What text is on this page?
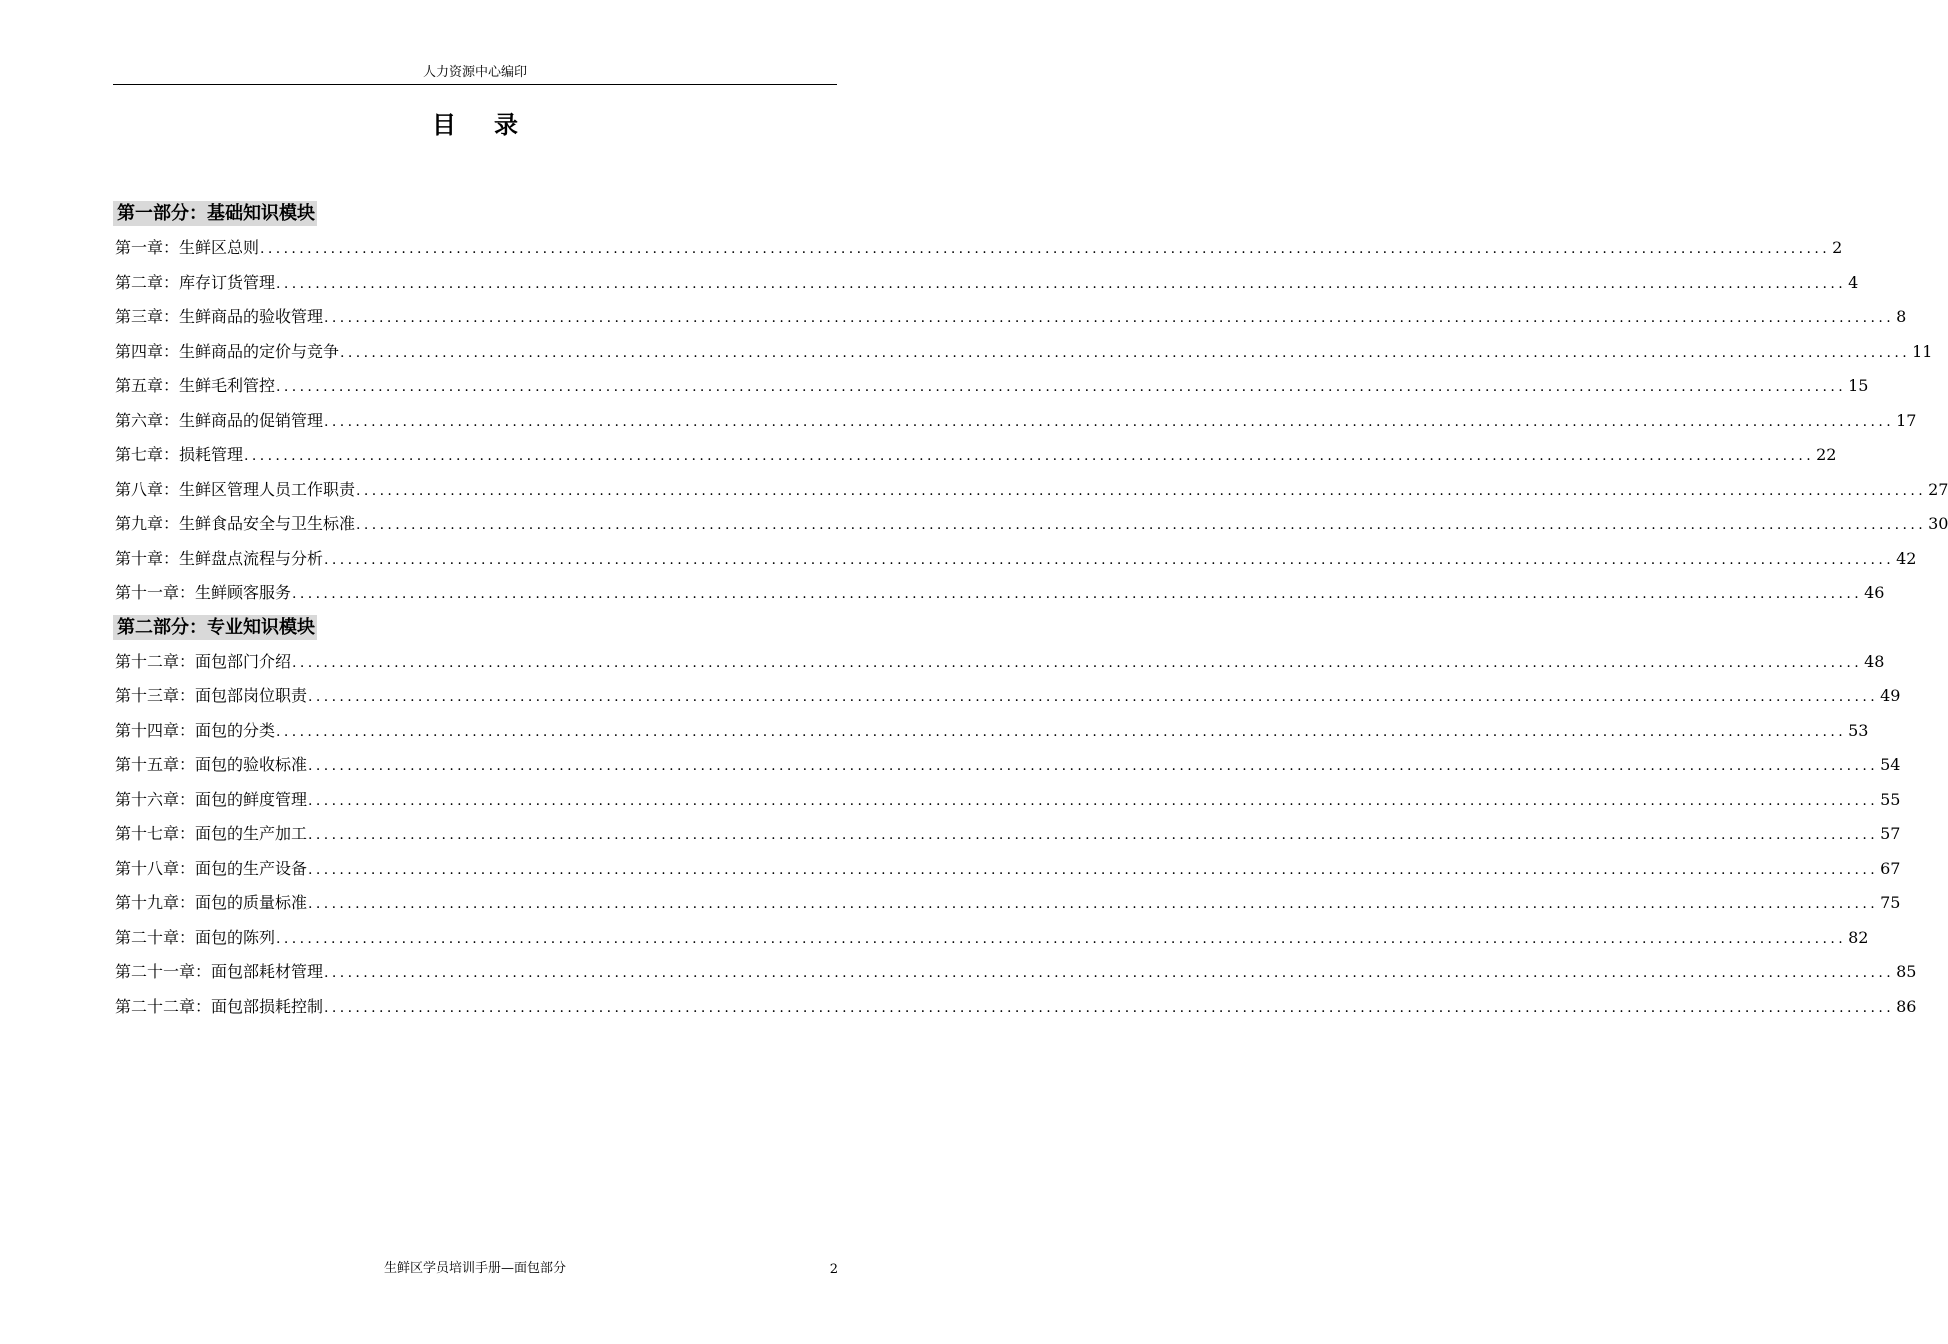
人力资源中心编印
目录
第一部分：基础知识模块
第一章：生鲜区总则 ........................................................................................................................................................................................................ 2
第二章：库存订货管理 ........................................................................................................................................................................................................ 4
第三章：生鲜商品的验收管理 ........................................................................................................................................................................................................ 8
第四章：生鲜商品的定价与竞争 ........................................................................................................................................................................................................ 11
第五章：生鲜毛利管控 ........................................................................................................................................................................................................ 15
第六章：生鲜商品的促销管理 ........................................................................................................................................................................................................ 17
第七章：损耗管理 ........................................................................................................................................................................................................ 22
第八章：生鲜区管理人员工作职责 ........................................................................................................................................................................................................ 27
第九章：生鲜食品安全与卫生标准 ........................................................................................................................................................................................................ 30
第十章：生鲜盘点流程与分析 ........................................................................................................................................................................................................ 42
第十一章：生鲜顾客服务 ........................................................................................................................................................................................................ 46
第二部分：专业知识模块
第十二章：面包部门介绍 ........................................................................................................................................................................................................ 48
第十三章：面包部岗位职责 ........................................................................................................................................................................................................ 49
第十四章：面包的分类 ........................................................................................................................................................................................................ 53
第十五章：面包的验收标准 ........................................................................................................................................................................................................ 54
第十六章：面包的鲜度管理 ........................................................................................................................................................................................................ 55
第十七章：面包的生产加工 ........................................................................................................................................................................................................ 57
第十八章：面包的生产设备 ........................................................................................................................................................................................................ 67
第十九章：面包的质量标准 ........................................................................................................................................................................................................ 75
第二十章：面包的陈列 ........................................................................................................................................................................................................ 82
第二十一章：面包部耗材管理 ........................................................................................................................................................................................................ 85
第二十二章：面包部损耗控制 ........................................................................................................................................................................................................ 86
生鲜区学员培训手册—面包部分	2
